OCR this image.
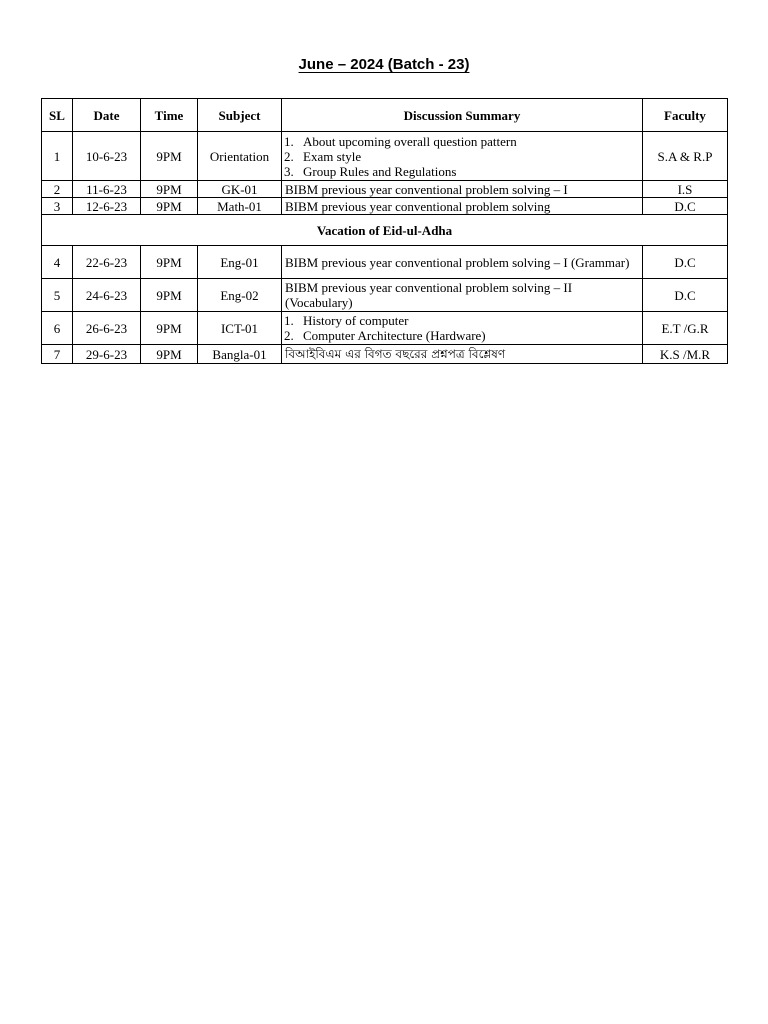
June – 2024 (Batch - 23)
SL	Date	Time	Subject	Discussion Summary	Faculty
1	10-6-23	9PM	Orientation	1. About upcoming overall question pattern
2. Exam style
3. Group Rules and Regulations	S.A & R.P
2	11-6-23	9PM	GK-01	BIBM previous year conventional problem solving – I	I.S
3	12-6-23	9PM	Math-01	BIBM previous year conventional problem solving	D.C
Vacation of Eid-ul-Adha					
4	22-6-23	9PM	Eng-01	BIBM previous year conventional problem solving – I (Grammar)	D.C
5	24-6-23	9PM	Eng-02	BIBM previous year conventional problem solving – II (Vocabulary)	D.C
6	26-6-23	9PM	ICT-01	1. History of computer
2. Computer Architecture (Hardware)	E.T /G.R
7	29-6-23	9PM	Bangla-01	বিআইবিএম এর বিগত বছরের প্রশ্নপত্র বিশ্লেষণ	K.S /M.R
